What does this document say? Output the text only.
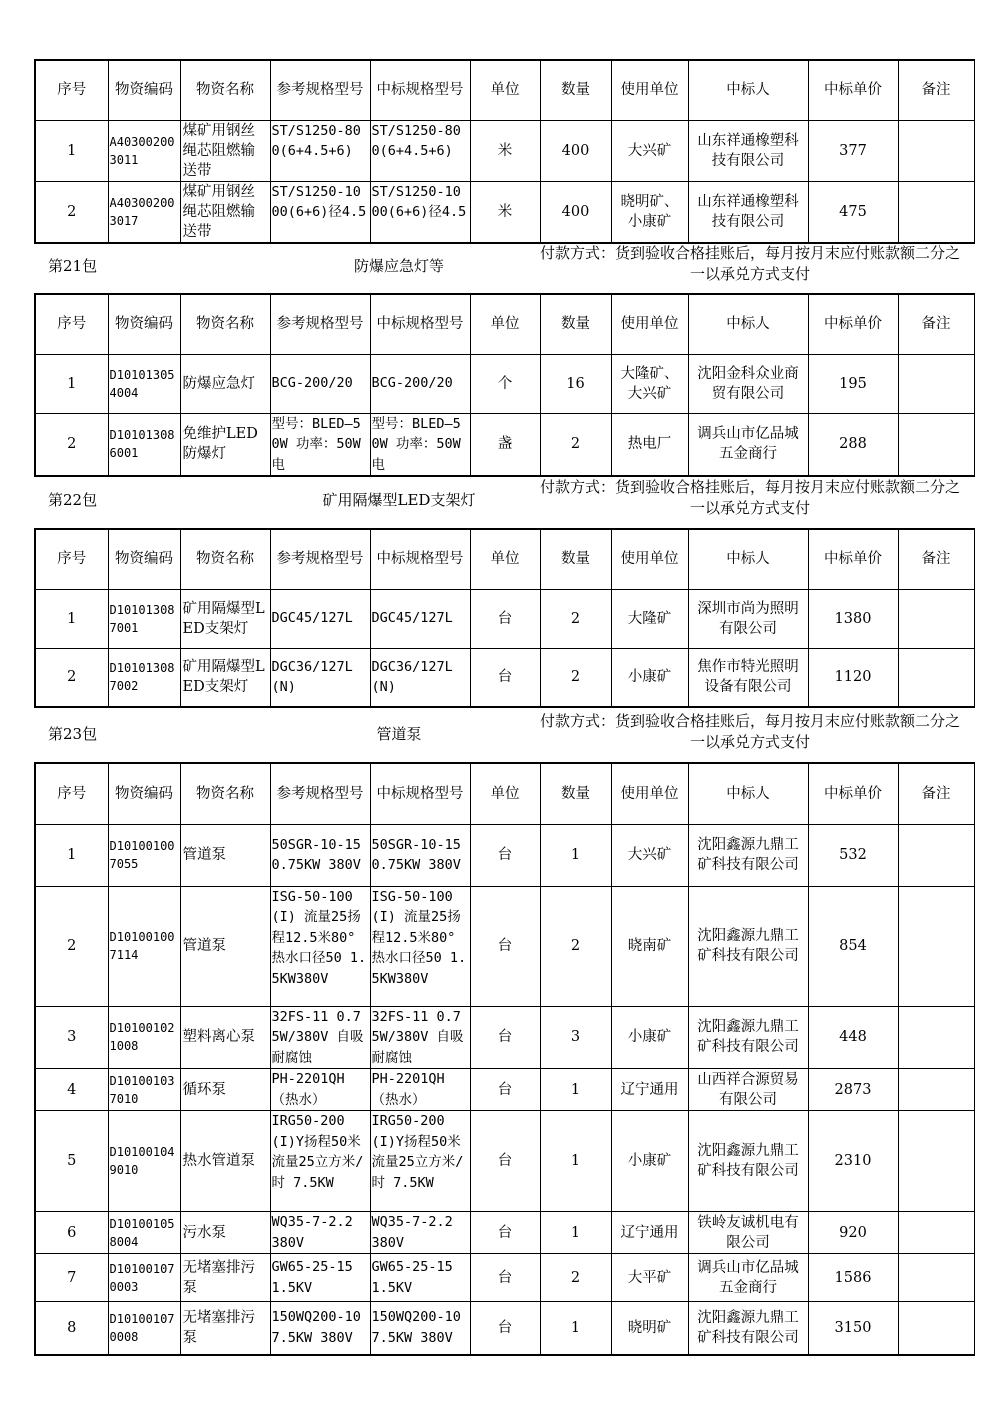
序号	物资编码	物资名称	参考规格型号	中标规格型号	单位	数量	使用单位	中标人	中标单价	备注
1	A403002003011	煤矿用钢丝绳芯阻燃输送带	ST/S1250-800(6+4.5+6)	ST/S1250-800(6+4.5+6)	米	400	大兴矿	山东祥通橡塑科技有限公司	377	
2	A403002003017	煤矿用钢丝绳芯阻燃输送带	ST/S1250-1000(6+6)径4.5	ST/S1250-1000(6+6)径4.5	米	400	晓明矿、小康矿	山东祥通橡塑科技有限公司	475	
第21包	防爆应急灯等
付款方式：货到验收合格挂账后，每月按月末应付账款额二分之一以承兑方式支付
序号	物资编码	物资名称	参考规格型号	中标规格型号	单位	数量	使用单位	中标人	中标单价	备注
1	D101013054004	防爆应急灯	BCG-200/20	BCG-200/20	个	16	大隆矿、大兴矿	沈阳金科众业商贸有限公司	195	
2	D101013086001	免维护LED防爆灯	型号：BLED—50W 功率：50W电	型号：BLED—50W 功率：50W电	盏	2	热电厂	调兵山市亿品城五金商行	288	
第22包	矿用隔爆型LED支架灯
付款方式：货到验收合格挂账后，每月按月末应付账款额二分之一以承兑方式支付
序号	物资编码	物资名称	参考规格型号	中标规格型号	单位	数量	使用单位	中标人	中标单价	备注
1	D101013087001	矿用隔爆型LED支架灯	DGC45/127L	DGC45/127L	台	2	大隆矿	深圳市尚为照明有限公司	1380	
2	D101013087002	矿用隔爆型LED支架灯	DGC36/127L(N)	DGC36/127L(N)	台	2	小康矿	焦作市特光照明设备有限公司	1120	
第23包	管道泵
付款方式：货到验收合格挂账后，每月按月末应付账款额二分之一以承兑方式支付
序号	物资编码	物资名称	参考规格型号	中标规格型号	单位	数量	使用单位	中标人	中标单价	备注
1	D101001007055	管道泵	50SGR-10-15 0.75KW 380V	50SGR-10-15 0.75KW 380V	台	1	大兴矿	沈阳鑫源九鼎工矿科技有限公司	532	
2	D101001007114	管道泵	ISG-50-100(I) 流量25扬程12.5米80° 热水口径50 1.5KW380V	ISG-50-100(I) 流量25扬程12.5米80° 热水口径50 1.5KW380V	台	2	晓南矿	沈阳鑫源九鼎工矿科技有限公司	854	
3	D101001021008	塑料离心泵	32FS-11 0.75W/380V 自吸耐腐蚀	32FS-11 0.75W/380V 自吸耐腐蚀	台	3	小康矿	沈阳鑫源九鼎工矿科技有限公司	448	
4	D101001037010	循环泵	PH-2201QH （热水）	PH-2201QH （热水）	台	1	辽宁通用	山西祥合源贸易有限公司	2873	
5	D101001049010	热水管道泵	IRG50-200(I)Y扬程50米 流量25立方米/时 7.5KW	IRG50-200(I)Y扬程50米 流量25立方米/时 7.5KW	台	1	小康矿	沈阳鑫源九鼎工矿科技有限公司	2310	
6	D101001058004	污水泵	WQ35-7-2.2 380V	WQ35-7-2.2 380V	台	1	辽宁通用	铁岭友诚机电有限公司	920	
7	D101001070003	无堵塞排污泵	GW65-25-15 1.5KV	GW65-25-15 1.5KV	台	2	大平矿	调兵山市亿品城五金商行	1586	
8	D101001070008	无堵塞排污泵	150WQ200-10 7.5KW 380V	150WQ200-10 7.5KW 380V	台	1	晓明矿	沈阳鑫源九鼎工矿科技有限公司	3150	
